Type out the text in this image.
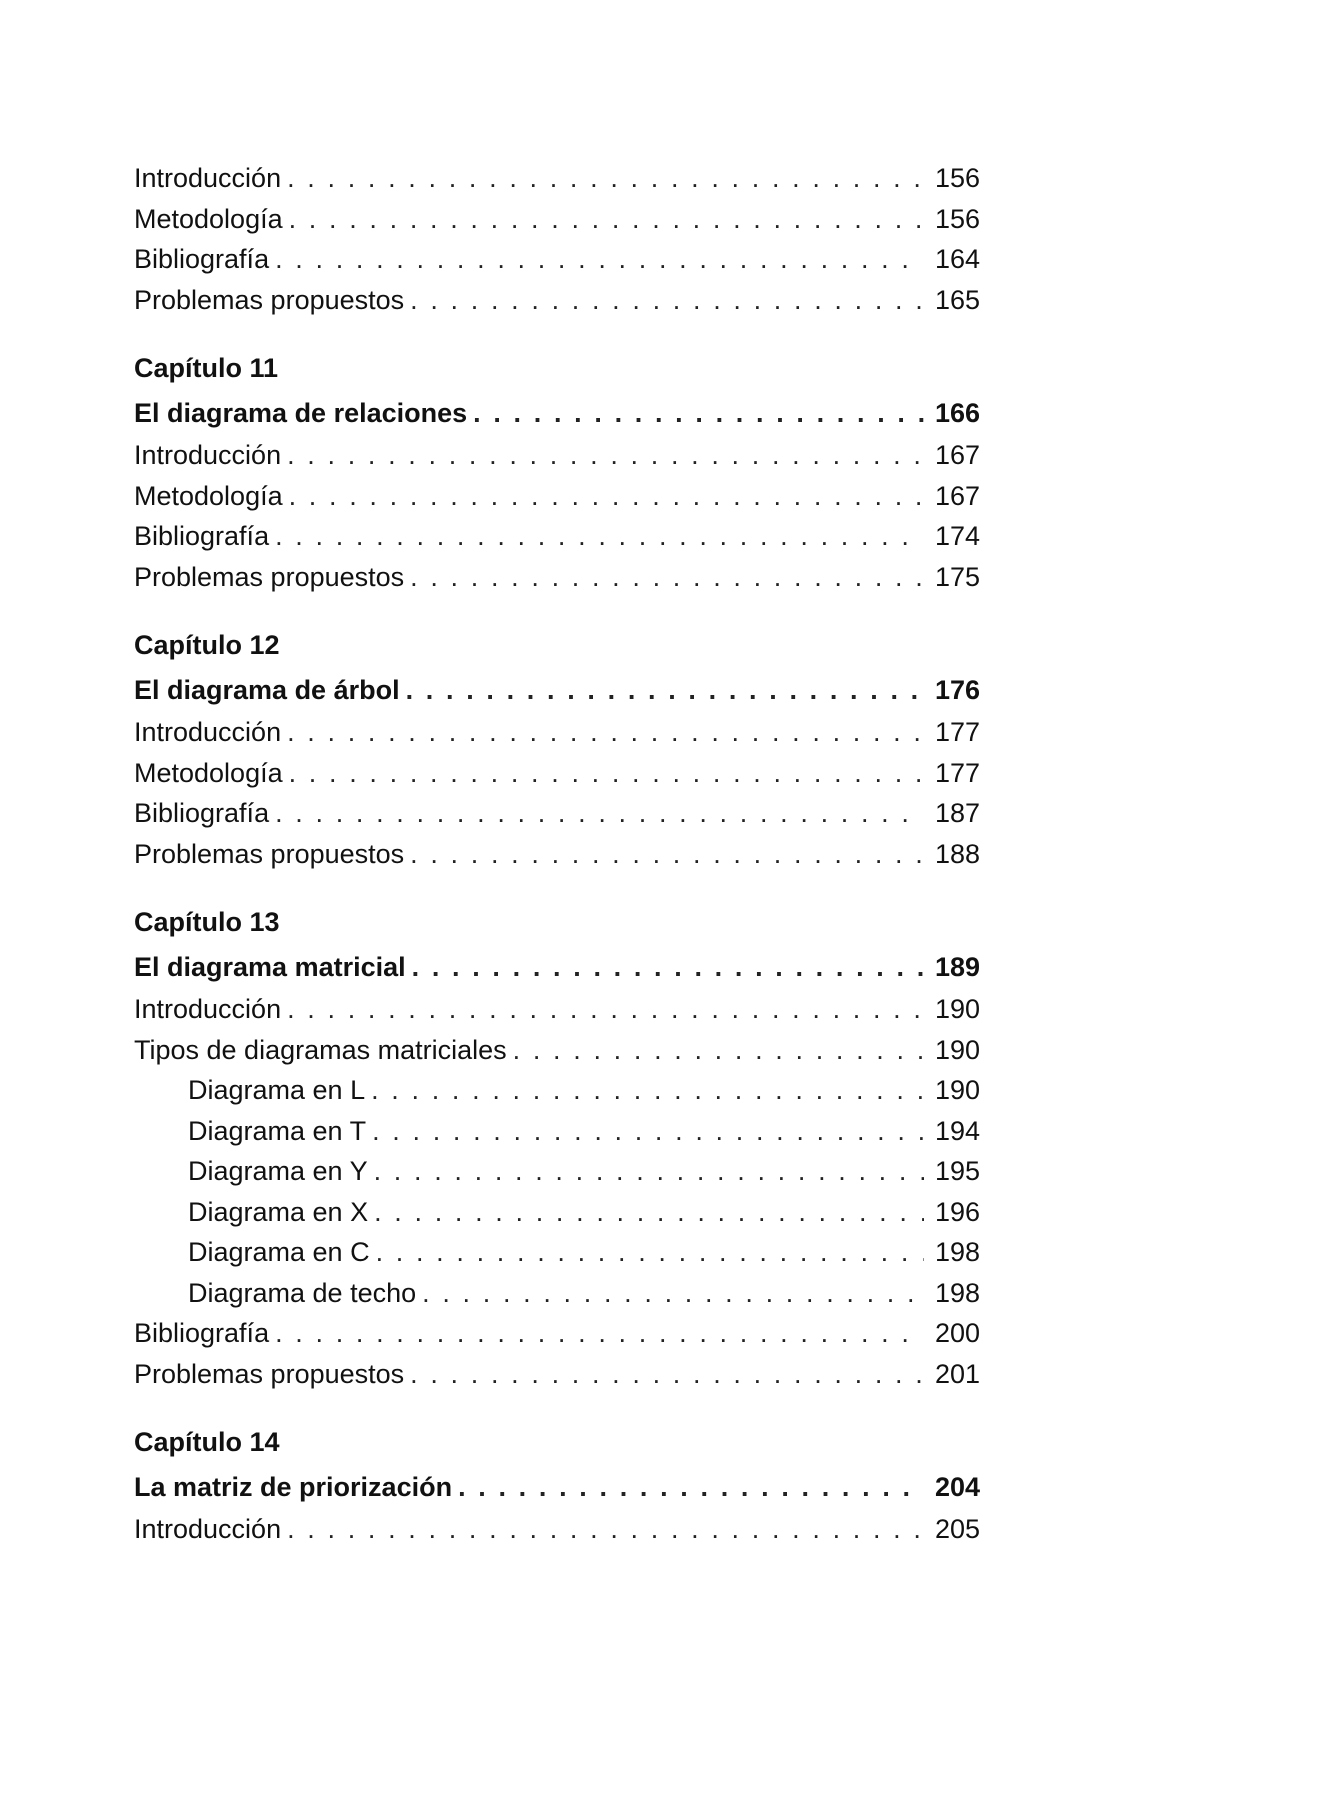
Introducción . . .	156
Metodología . . .	156
Bibliografía . . .	164
Problemas propuestos . . .	165
Capítulo 11
El diagrama de relaciones . . .	166
Introducción . . .	167
Metodología . . .	167
Bibliografía . . .	174
Problemas propuestos . . .	175
Capítulo 12
El diagrama de árbol . . .	176
Introducción . . .	177
Metodología . . .	177
Bibliografía . . .	187
Problemas propuestos . . .	188
Capítulo 13
El diagrama matricial . . .	189
Introducción . . .	190
Tipos de diagramas matriciales . . .	190
Diagrama en L . . .	190
Diagrama en T . . .	194
Diagrama en Y . . .	195
Diagrama en X . . .	196
Diagrama en C . . .	198
Diagrama de techo . . .	198
Bibliografía . . .	200
Problemas propuestos . . .	201
Capítulo 14
La matriz de priorización . . .	204
Introducción . . .	205
